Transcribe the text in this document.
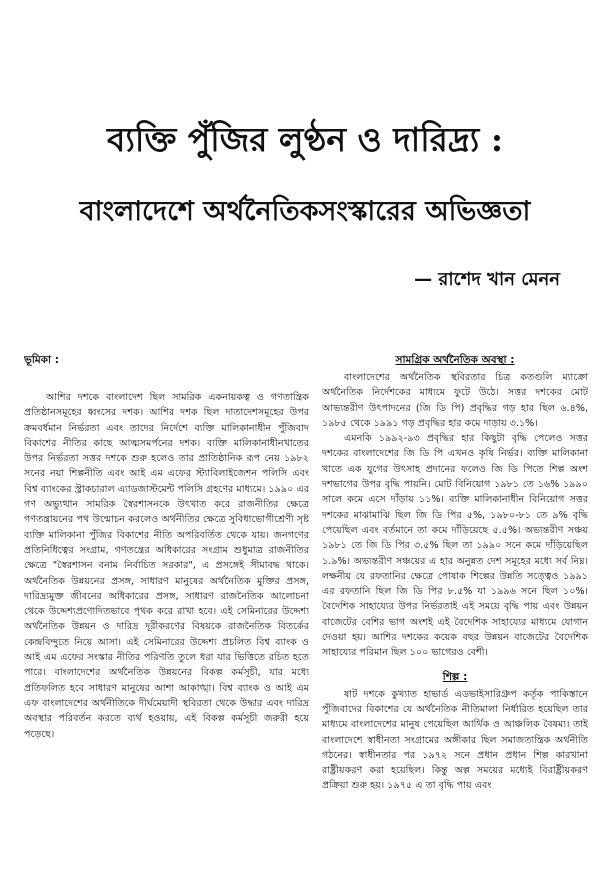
ব্যক্তি পুঁজির লুণ্ঠন ও দারিদ্র্য :
বাংলাদেশে অর্থনৈতিকসংস্কারের অভিজ্ঞতা
— রাশেদ খান মেনন
ভূমিকা :

আশির দশকে বাংলাদেশ ছিল সামরিক একনায়কত্ব ও গণতান্ত্রিক প্রতিষ্ঠানসমূহের ধ্বংসের দশক। আশির দশক ছিল দাতাদেশসমূহের উপর ক্রমবর্ধমান নির্ভরতা এবং তাদের নির্দেশে ব্যক্তি মালিকানাধীন পুঁজিবাদ বিকাশের নীতির কাছে আত্মসমর্পনের দশক। ব্যক্তি মালিকানাধীনখাতের উপর নির্ভরতা সত্তর দশকে শুরু হলেও তার প্রাতিষ্ঠানিক রূপ নেয় ১৯৮২ সনের নয়া শিল্পনীতি এবং আই এম এফের স্ট্যাবিলাইজেশন পলিসি এবং বিশ্ব ব্যাংকের স্ট্রাকচারাল এ্যাডজাস্টমেন্ট পলিসি গ্রহণের মাধ্যমে। ১৯৯০ এর গণ অভ্যুত্থান সামরিক স্বৈরশাসনকে উৎখাত করে রাজনীতির ক্ষেত্রে গণতন্ত্রায়নের পথ উন্মোচন করলেও অর্থনীতির ক্ষেত্রে সুবিধাভোগীশ্রেণী সৃষ্ট ব্যক্তি মালিকানা পুঁজির বিকাশের নীতি অপরিবর্তিত থেকে যায়। জনগণের প্রতিনিধিত্বের সংগ্রাম, গণতন্ত্রের অধিকারের সংগ্রাম শুধুমাত্র রাজনীতির ক্ষেত্রে "স্বৈরশাসন বনাম নির্বাচিত সরকার", এ প্রসঙ্গেই সীমাবদ্ধ থাকে। অর্থনৈতিক উন্নয়নের প্রসঙ্গ, সাধারণ মানুষের অর্থনৈতিক মুক্তির প্রসঙ্গ, দারিদ্র্যমুক্ত জীবনের অধিকারের প্রসঙ্গ, সাধারণ রাজনৈতিক আলোচনা থেকে উদ্দেশ্যপ্রণোদিতভাবে পৃথক করে রাখা হবে। এই সেমিনারের উদ্দেশ্য অর্থনৈতিক উন্নয়ন ও দারিদ্র দূরীকরণের বিষয়কে রাজনৈতিক বিতর্কের কেন্দ্রবিন্দুতে নিয়ে আসা। এই সেমিনারের উদ্দেশ্য প্রচলিত বিশ্ব ব্যাংক ও আই এম এফের সংস্কার নীতির পরিণতি তুলে ধরা যার ভিত্তিতে রচিত হতে পারে। বাংলাদেশের অর্থনৈতিক উন্নয়নের বিকল্প কর্মসূচী, যার মধ্যে প্রতিফলিত হবে সাধারণ মানুষের আশা আকাঙ্খা। বিশ্ব ব্যাংক ও আই এম এফ বাংলাদেশের অর্থনীতিকে দীর্ঘমেয়াদী স্থবিরতা থেকে উদ্ধার এবং দারিদ্র অবস্থার পরিবর্তন করতে ব্যর্থ হওয়ায়, এই বিকল্প কর্মসূচী জরুরী হয়ে পড়েছে।

সামগ্রিক অর্থনৈতিক অবস্থা :

বাংলাদেশের অর্থনৈতিক স্থবিরতার চিত্র কতগুলি ম্যাক্রো অর্থনৈতিক নির্দেশকের মাধ্যমে ফুটে উঠে। সত্তর দশকের মোট আভ্যন্তরীণ উৎপাদনের (জি ডি পি) প্রবৃদ্ধির গড় হার ছিল ৬.৪%, ১৯৮৫ থেকে ১৯৯১ গড় প্রবৃদ্ধির হার কমে দাড়ায় ৩.১%।

এমনকি ১৯৯২-৯৩ প্রবৃদ্ধির হার কিছুটা বৃদ্ধি পেলেও সত্তর দশকের বাংলাদেশের জি ডি পি এখনও কৃষি নির্ভর। ব্যক্তি মালিকানা খাতে এক যুগের উৎসাহ প্রদানের ফলেও জি ডি পিতে শিল্প অংশ দশভাগের উপর বৃদ্ধি পায়নি। মোট বিনিয়োগ ১৯৮১ তে ১৬% ১৯৯০ সালে কমে এসে দাঁড়ায় ১১%। ব্যক্তি মালিকানাধীন বিনিয়োগ সত্তর দশকের মাঝামাঝি ছিল জি ডি পির ৫%, ১৯৮০-৮১ তে ৯% বৃদ্ধি পেয়েছিল এবং বর্তমানে তা কমে দাঁড়িয়েছে ৫.৫%। অভ্যন্তরীণ সঞ্চয় ১৯৮১ তে জি ডি পির ৩.৫% ছিল তা ১৯৯০ সনে কমে দাঁড়িয়েছিল ১.৯%। অভ্যন্তরীণ সঞ্চয়ের এ হার অনুন্নত দেশ সমূহের মধ্যে সর্ব নিম্ন। লক্ষনীয় যে রফতানির ক্ষেত্রে পোষাক শিল্পের উন্নতি সত্ত্বেও ১৯৯১ এর রফতানি ছিল জি ডি পির ৮.৫% যা ১৯৯৬ সনে ছিল ১০%। বৈদেশিক সাহায্যের উপর নির্ভরতাই এই সময়ে বৃদ্ধি পায় এবং উন্নয়ন বাজেটের বেশির ভাগ অংশই এই বৈদেশিক সাহায্যের মাধ্যমে যোগান দেওয়া হয়। আশির দশকের কয়েক বছর উন্নয়ন বাজেটের বৈদেশিক সাহায্যের পরিমান ছিল ১০০ ভাগেরও বেশী।

শিল্প :

ষাট দশকে কুখ্যাত হাভার্ড এডভাইসারিগ্রুপ কর্তৃক পাকিস্তানে পুঁজিবাদের বিকাশের যে অর্থনৈতিক নীতিমালা নির্ধারিত হয়েছিল তার মাধ্যমে বাংলাদেশের মানুষ পেয়েছিল আর্থিক ও আঞ্চলিক বৈষম্য। তাই বাংলাদেশে স্বাধীনতা সংগ্রামের অঙ্গীকার ছিল সমাজতান্ত্রিক অর্থনীতি গঠনের। স্বাধীনতার পর ১৯৭২ সনে প্রধান প্রধান শিল্প কারখানা রাষ্ট্রীয়করণ করা হয়েছিল। কিন্তু অল্প সময়ের মধ্যেই বিরাষ্ট্রীয়করণ প্রক্রিয়া শুরু হয়। ১৯৭৫ এ তা বৃদ্ধি পায় এবং
